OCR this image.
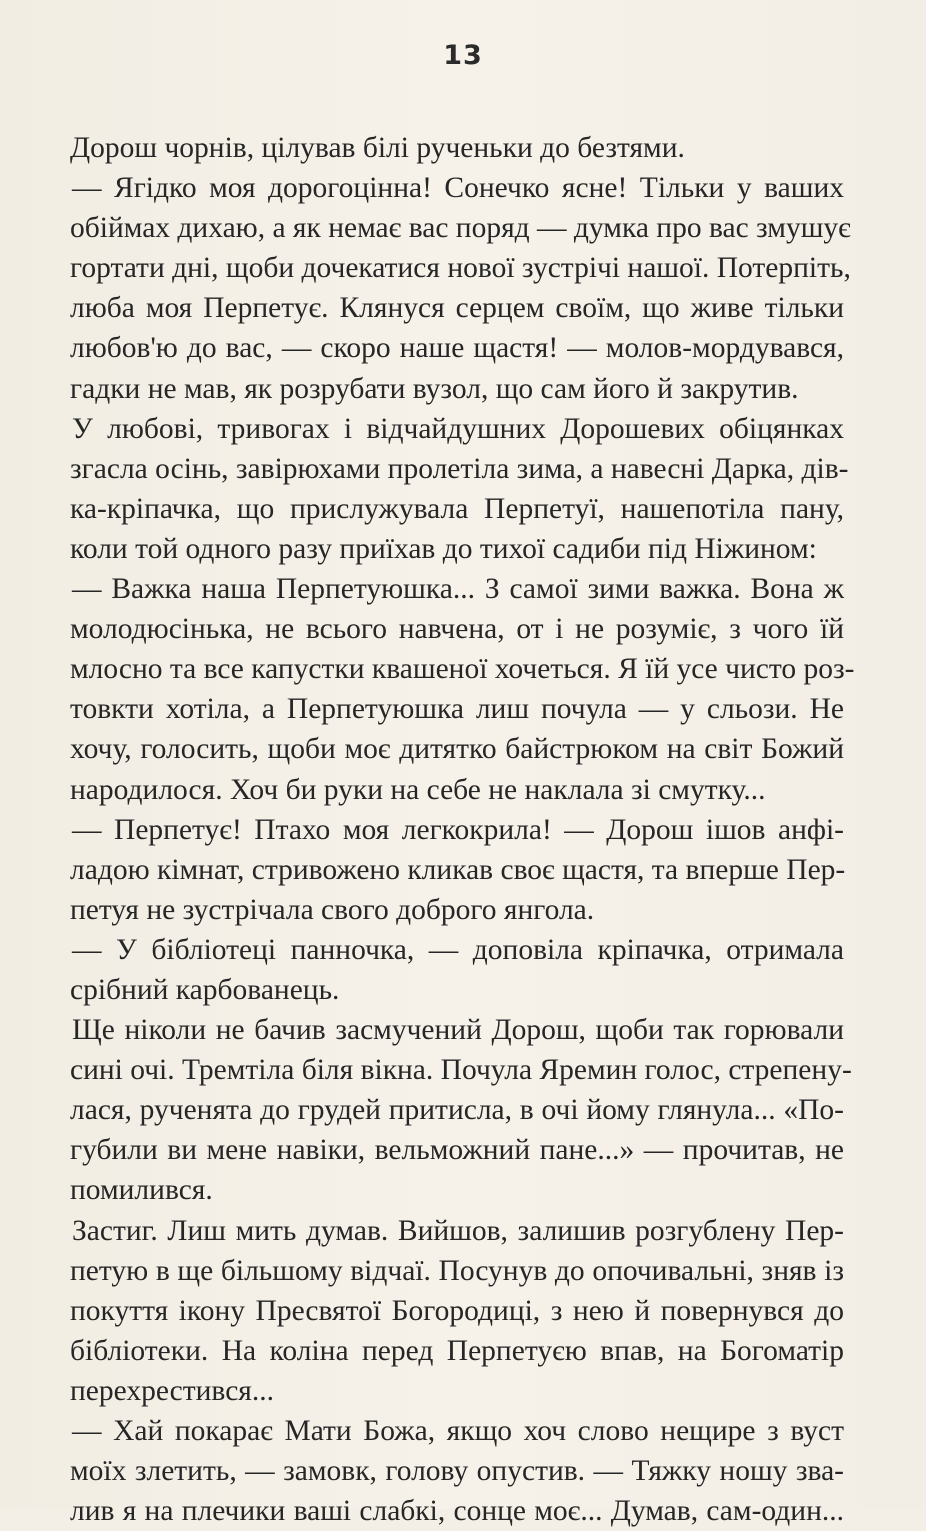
13
Дорош чорнів, цілував білі рученьки до безтями.
— Ягідко моя дорогоцінна! Сонечко ясне! Тільки у ваших
обіймах дихаю, а як немає вас поряд — думка про вас змушує
гортати дні, щоби дочекатися нової зустрічі нашої. Потерпіть,
люба моя Перпетує. Клянуся серцем своїм, що живе тільки
любов'ю до вас, — скоро наше щастя! — молов-мордувався,
гадки не мав, як розрубати вузол, що сам його й закрутив.
У любові, тривогах і відчайдушних Дорошевих обіцянках
згасла осінь, завірюхами пролетіла зима, а навесні Дарка, дів-
ка-кріпачка, що прислужувала Перпетуї, нашепотіла пану,
коли той одного разу приїхав до тихої садиби під Ніжином:
— Важка наша Перпетуюшка... З самої зими важка. Вона ж
молодюсінька, не всього навчена, от і не розуміє, з чого їй
млосно та все капустки квашеної хочеться. Я їй усе чисто роз-
товкти хотіла, а Перпетуюшка лиш почула — у сльози. Не
хочу, голосить, щоби моє дитятко байстрюком на світ Божий
народилося. Хоч би руки на себе не наклала зі смутку...
— Перпетує! Птахо моя легкокрила! — Дорош ішов анфі-
ладою кімнат, стривожено кликав своє щастя, та вперше Пер-
петуя не зустрічала свого доброго янгола.
— У бібліотеці панночка, — доповіла кріпачка, отримала
срібний карбованець.
Ще ніколи не бачив засмучений Дорош, щоби так горювали
сині очі. Тремтіла біля вікна. Почула Яремин голос, стрепену-
лася, рученята до грудей притисла, в очі йому глянула... «По-
губили ви мене навіки, вельможний пане...» — прочитав, не
помилився.
Застиг. Лиш мить думав. Вийшов, залишив розгублену Пер-
петую в ще більшому відчаї. Посунув до опочивальні, зняв із
покуття ікону Пресвятої Богородиці, з нею й повернувся до
бібліотеки. На коліна перед Перпетуєю впав, на Богоматір
перехрестився...
— Хай покарає Мати Божа, якщо хоч слово нещире з вуст
моїх злетить, — замовк, голову опустив. — Тяжку ношу зва-
лив я на плечики ваші слабкі, сонце моє... Думав, сам-один...
